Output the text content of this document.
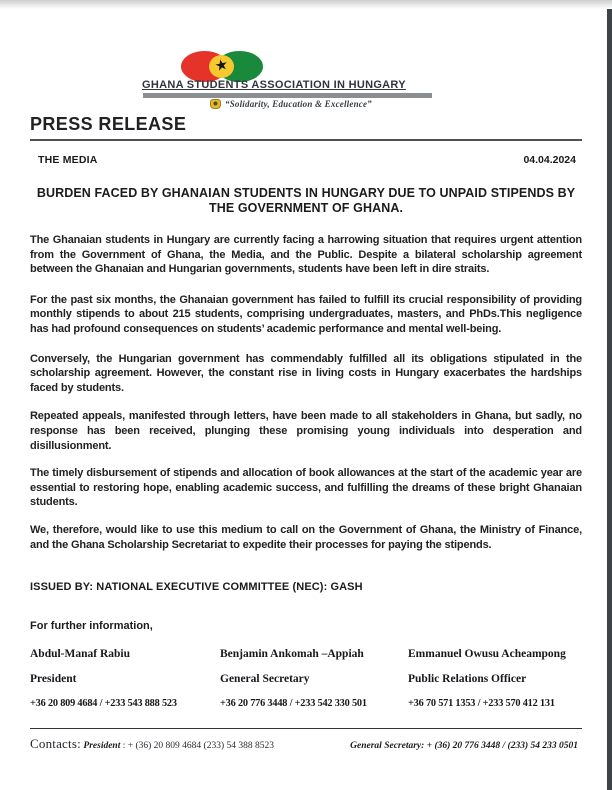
★
GHANA STUDENTS ASSOCIATION IN HUNGARY
“Solidarity, Education & Excellence”
PRESS RELEASE
THE MEDIA	04.04.2024
BURDEN FACED BY GHANAIAN STUDENTS IN HUNGARY DUE TO UNPAID STIPENDS BY THE GOVERNMENT OF GHANA.

The Ghanaian students in Hungary are currently facing a harrowing situation that requires urgent attention from the Government of Ghana, the Media, and the Public. Despite a bilateral scholarship agreement between the Ghanaian and Hungarian governments, students have been left in dire straits.

For the past six months, the Ghanaian government has failed to fulfill its crucial responsibility of providing monthly stipends to about 215 students, comprising undergraduates, masters, and PhDs.This negligence has had profound consequences on students’ academic performance and mental well-being.

Conversely, the Hungarian government has commendably fulfilled all its obligations stipulated in the scholarship agreement. However, the constant rise in living costs in Hungary exacerbates the hardships faced by students.

Repeated appeals, manifested through letters, have been made to all stakeholders in Ghana, but sadly, no response has been received, plunging these promising young individuals into desperation and disillusionment.

The timely disbursement of stipends and allocation of book allowances at the start of the academic year are essential to restoring hope, enabling academic success, and fulfilling the dreams of these bright Ghanaian students.

We, therefore, would like to use this medium to call on the Government of Ghana, the Ministry of Finance, and the Ghana Scholarship Secretariat to expedite their processes for paying the stipends.

ISSUED BY: NATIONAL EXECUTIVE COMMITTEE (NEC): GASH
For further information,
Abdul-Manaf Rabiu
President
+36 20 809 4684 / +233 543 888 523
Benjamin Ankomah –Appiah
General Secretary
+36 20 776 3448 / +233 542 330 501
Emmanuel Owusu Acheampong
Public Relations Officer
+36 70 571 1353 / +233 570 412 131
Contacts: President : + (36) 20 809 4684 (233) 54 388 8523	General Secretary: + (36) 20 776 3448 / (233) 54 233 0501
